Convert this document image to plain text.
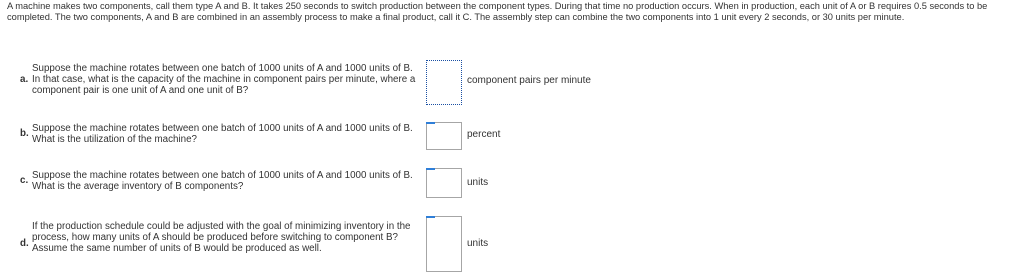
A machine makes two components, call them type A and B. It takes 250 seconds to switch production between the component types. During that time no production occurs. When in production, each unit of A or B requires 0.5 seconds to be completed. The two components, A and B are combined in an assembly process to make a final product, call it C. The assembly step can combine the two components into 1 unit every 2 seconds, or 30 units per minute.
a.
Suppose the machine rotates between one batch of 1000 units of A and 1000 units of B. In that case, what is the capacity of the machine in component pairs per minute, where a component pair is one unit of A and one unit of B?
component pairs per minute
b. Suppose the machine rotates between one batch of 1000 units of A and 1000 units of B. What is the utilization of the machine?	percent
c. Suppose the machine rotates between one batch of 1000 units of A and 1000 units of B. What is the average inventory of B components?	units
d.
If the production schedule could be adjusted with the goal of minimizing inventory in the process, how many units of A should be produced before switching to component B? Assume the same number of units of B would be produced as well.	units
